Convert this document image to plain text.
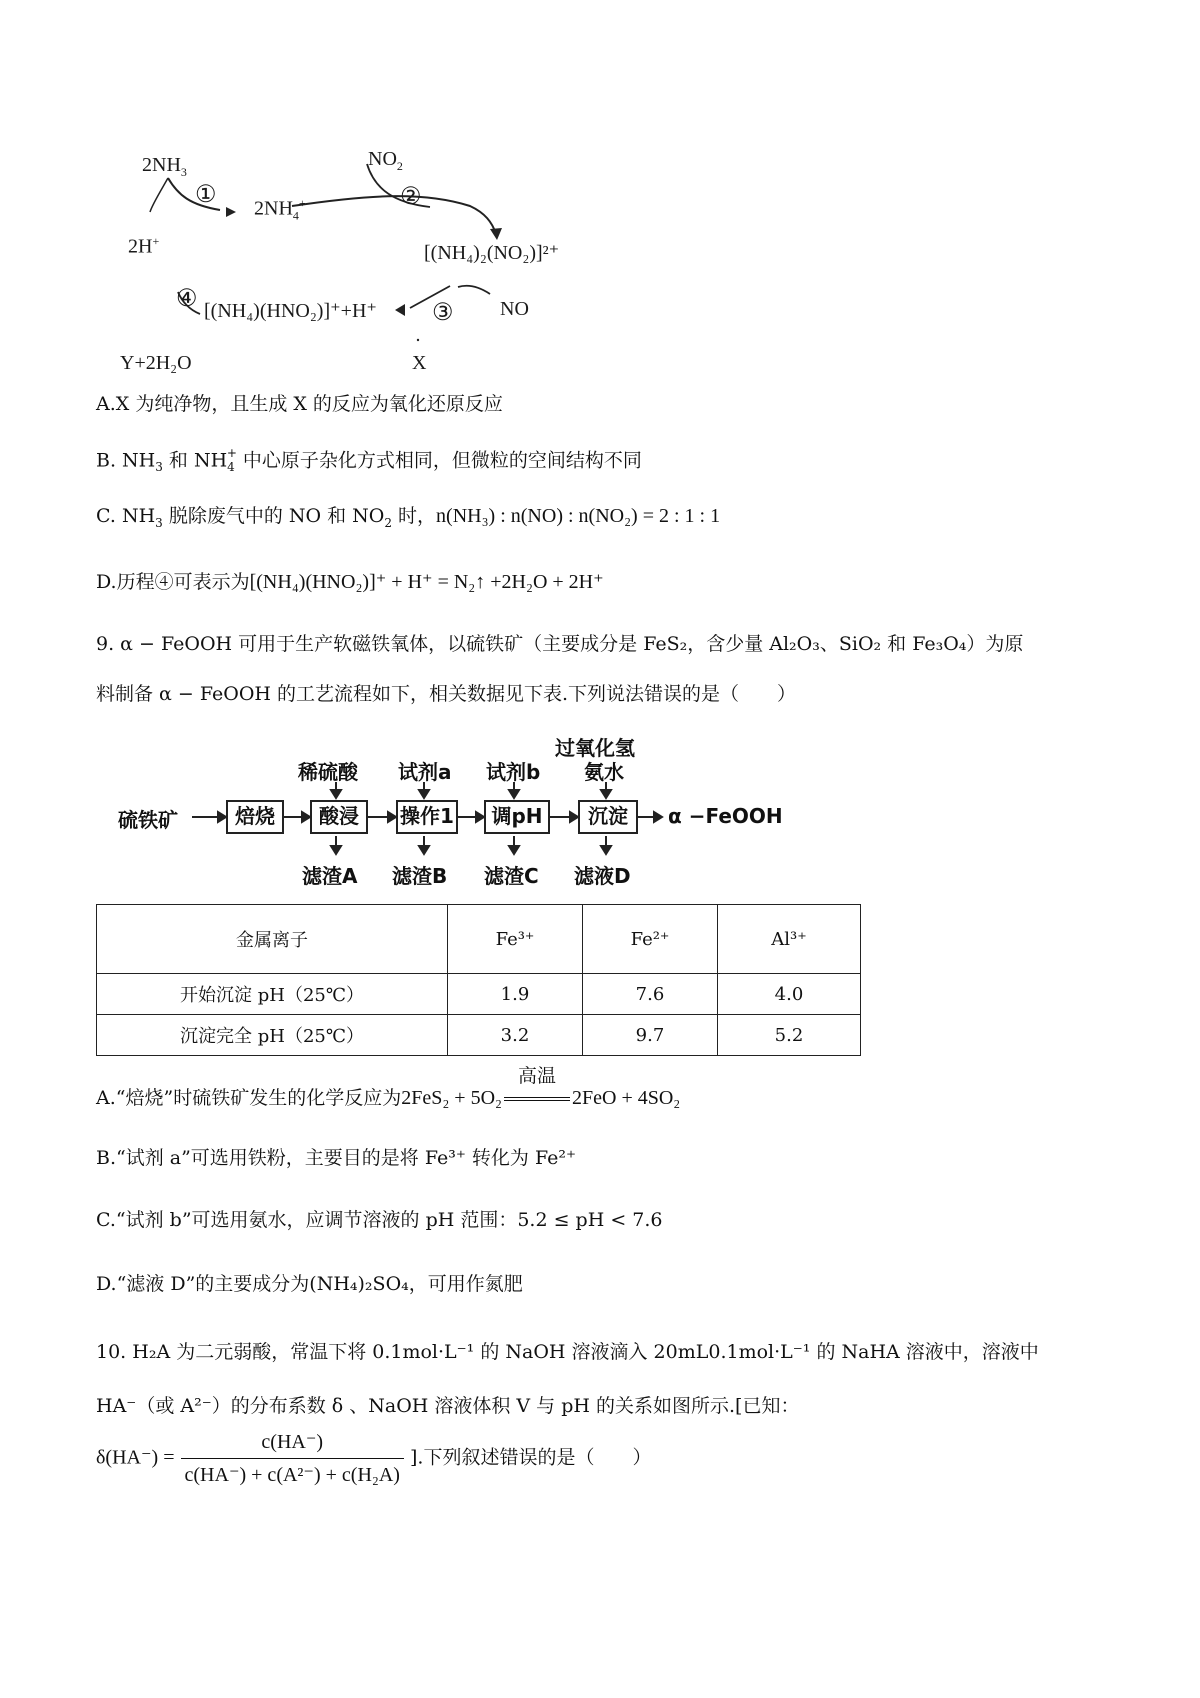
$2NH_3$
①
2H+
$2NH_4^+$
$NO_2$
②
[(NH₄)₂(NO₂)]²⁺
④ [(NH₄)(HNO₂)]⁺+H⁺ ③ NO
Y+2H₂O	X
A.X 为纯净物，且生成 X 的反应为氧化还原反应
B. $NH_3$ 和 $NH_4^+$ 中心原子杂化方式相同，但微粒的空间结构不同
C. $NH_3$ 脱除废气中的 NO 和 $NO_2$ 时，n(NH₃) : n(NO) : n(NO₂) = 2 : 1 : 1
D.历程④可表示为[(NH₄)(HNO₂)]⁺ + H⁺ = N₂↑ +2H₂O + 2H⁺
9. α − FeOOH 可用于生产软磁铁氧体，以硫铁矿（主要成分是 FeS₂，含少量 Al₂O₃、SiO₂ 和 Fe₃O₄）为原
料制备 α − FeOOH 的工艺流程如下，相关数据见下表.下列说法错误的是（　　）
硫铁矿	焙烧	酸浸	操作1	调pH	沉淀	α −FeOOH
稀硫酸 试剂a 试剂b
过氧化氢
氨水
滤渣A 滤渣B 滤渣C 滤液D
金属离子	Fe³⁺	Fe²⁺	Al³⁺
开始沉淀 pH（25℃）	1.9	7.6	4.0
沉淀完全 pH（25℃）	3.2	9.7	5.2
A.“焙烧”时硫铁矿发生的化学反应为2FeS₂ + 5O₂
高温
2FeO + 4SO₂
B.“试剂 a”可选用铁粉，主要目的是将 Fe³⁺ 转化为 Fe²⁺
C.“试剂 b”可选用氨水，应调节溶液的 pH 范围：5.2 ≤ pH < 7.6
D.“滤液 D”的主要成分为(NH₄)₂SO₄，可用作氮肥
10. H₂A 为二元弱酸，常温下将 0.1mol·L⁻¹ 的 NaOH 溶液滴入 20mL0.1mol·L⁻¹ 的 NaHA 溶液中，溶液中
HA⁻（或 A²⁻）的分布系数 δ 、NaOH 溶液体积 V 与 pH 的关系如图所示.[已知：
$\delta(HA^-) = \frac{c(HA^-)}{\text{c(HA⁻) + c(A²⁻) + c(H₂A)}}$ ].下列叙述错误的是（　　）
